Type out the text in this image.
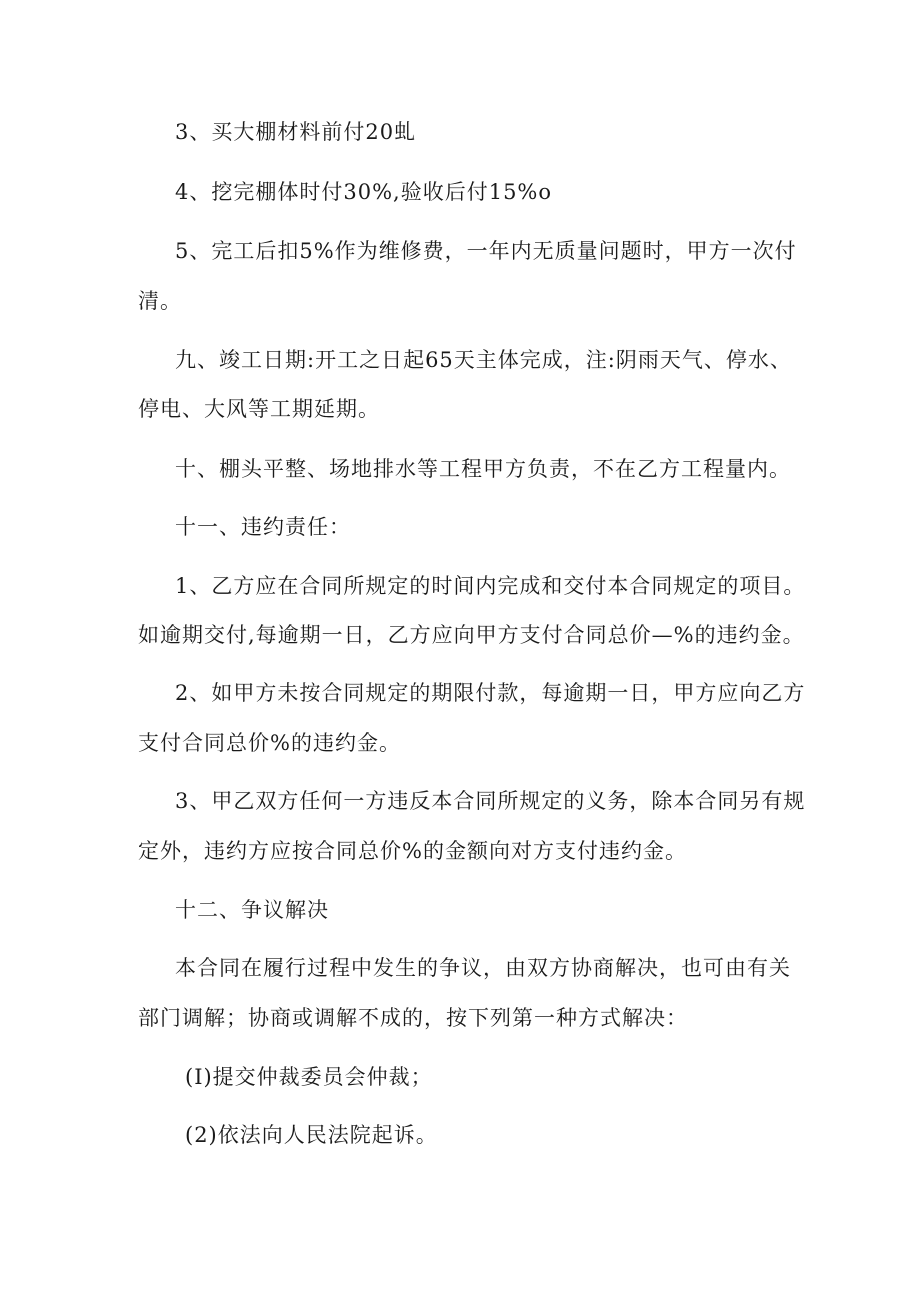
3、买大棚材料前付20虬

4、挖完棚体时付30%,验收后付15%o

5、完工后扣5%作为维修费，一年内无质量问题时，甲方一次付

清。

九、竣工日期:开工之日起65天主体完成，注:阴雨天气、停水、

停电、大风等工期延期。

十、棚头平整、场地排水等工程甲方负责，不在乙方工程量内。

十一、违约责任：

1、乙方应在合同所规定的时间内完成和交付本合同规定的项目。

如逾期交付,每逾期一日，乙方应向甲方支付合同总价—%的违约金。

2、如甲方未按合同规定的期限付款，每逾期一日，甲方应向乙方

支付合同总价%的违约金。

3、甲乙双方任何一方违反本合同所规定的义务，除本合同另有规

定外，违约方应按合同总价%的金额向对方支付违约金。

十二、争议解决

本合同在履行过程中发生的争议，由双方协商解决，也可由有关

部门调解；协商或调解不成的，按下列第一种方式解决：

(I)提交仲裁委员会仲裁；

(2)依法向人民法院起诉。
